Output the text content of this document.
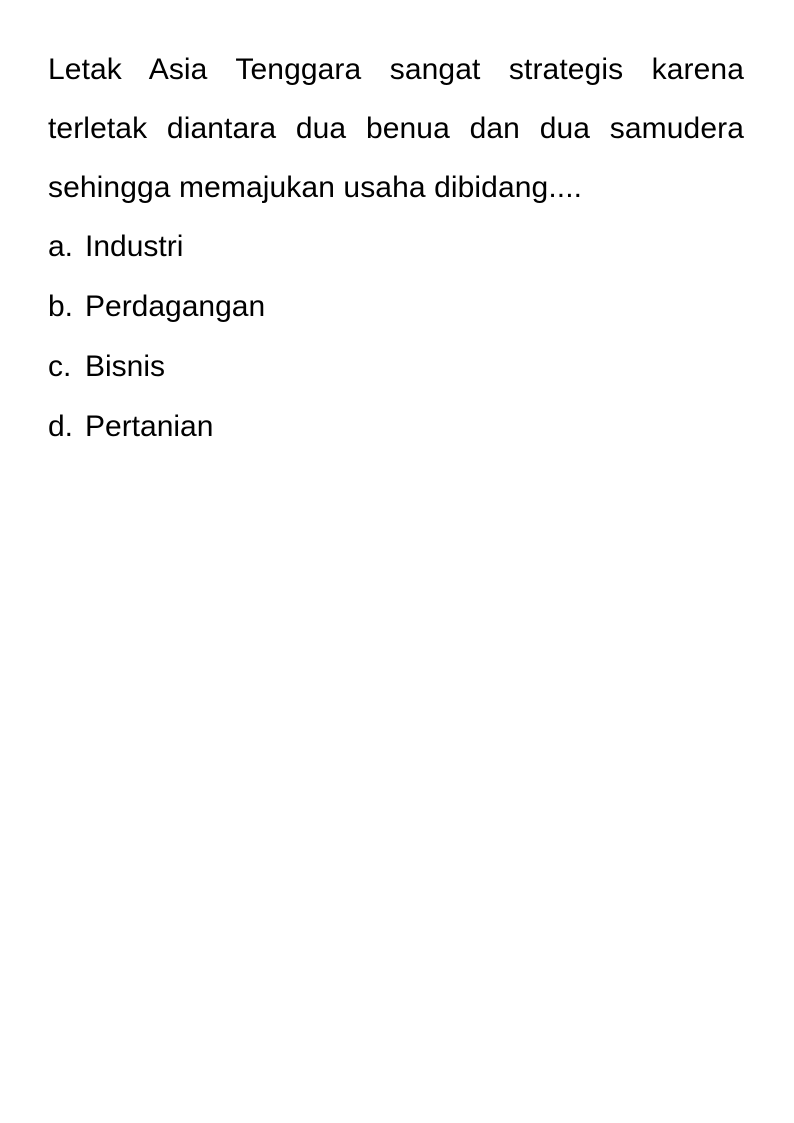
Letak Asia Tenggara sangat strategis karena terletak diantara dua benua dan dua samudera sehingga memajukan usaha dibidang....

a. Industri
b. Perdagangan
c. Bisnis
d. Pertanian
